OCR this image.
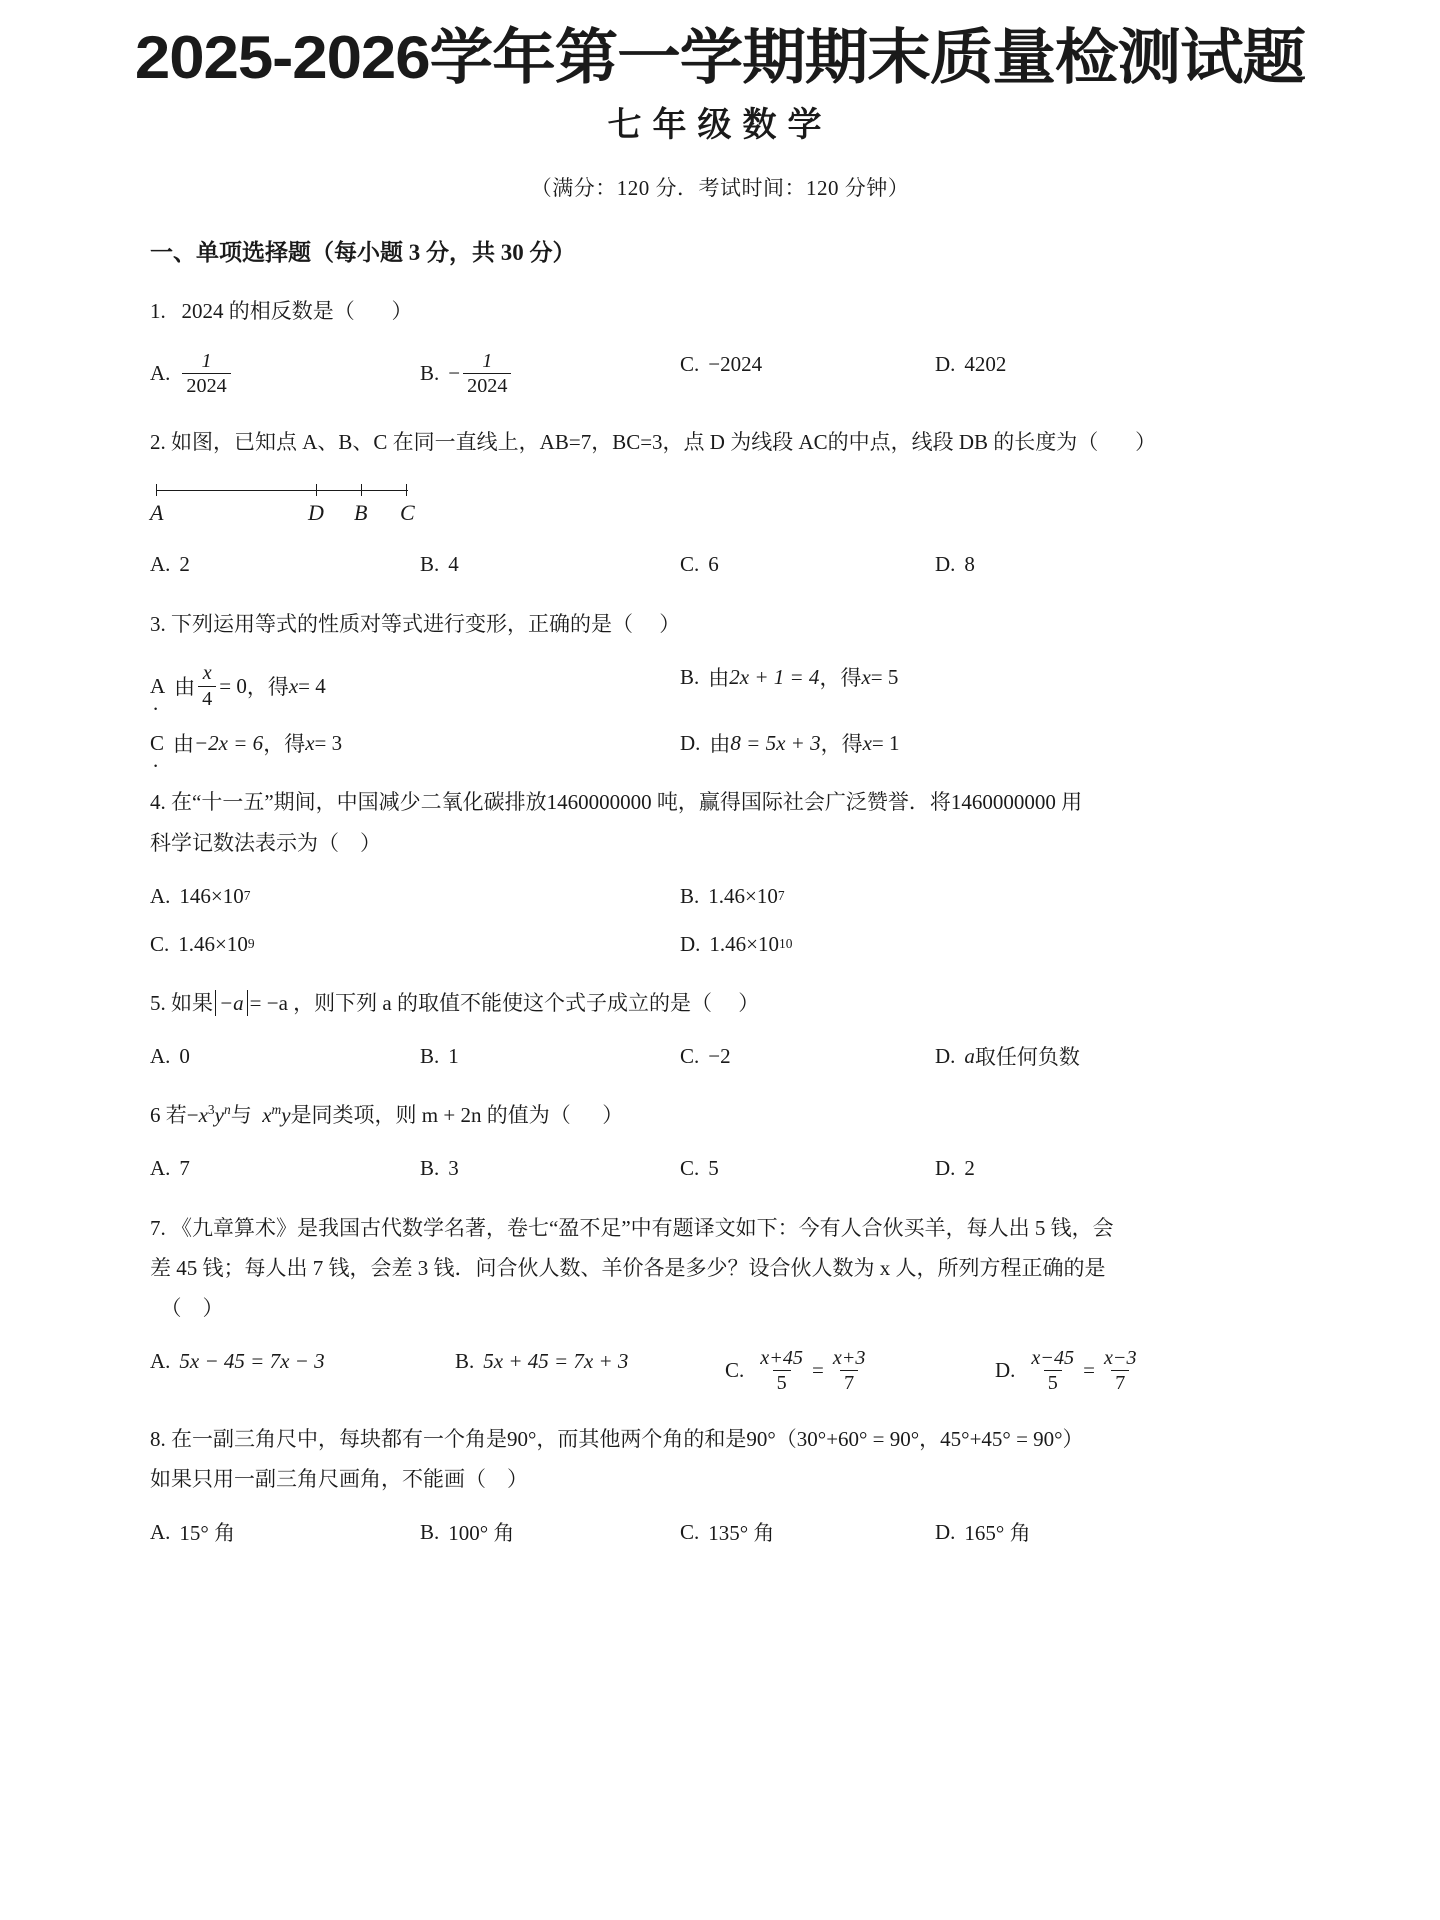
2025-2026学年第一学期期末质量检测试题
七年级数学
（满分：120 分．考试时间：120 分钟）
一、单项选择题（每小题 3 分，共 30 分）
1. 2024 的相反数是（ ）
A. $\frac{1}{2024}$	B. − $\frac{1}{2024}$	C. −2024	D. 4202
2. 如图，已知点 A、B、C 在同一直线上，AB=7，BC=3，点 D 为线段 AC的中点，线段 DB 的长度为（ ）
A	D B C
A. 2	B. 4	C. 6	D. 8
3. 下列运用等式的性质对等式进行变形，正确的是（ ）
A . 由 $\frac{x}{4} = 0$ ， 得 x = 4	B. 由 2x + 1 = 4 ， 得 x = 5
C . 由 −2x = 6 ， 得 x = 3	D. 由 8 = 5x + 3 ， 得 x = 1
4. 在“十一五”期间，中国减少二氧化碳排放1460000000 吨，赢得国际社会广泛赞誉．将1460000000 用
科学记数法表示为（ ）
A. 146×10 7	B. 1.46×10 7
C. 1.46×10 9	D. 1.46×10 10
5. 如果 −a = −a ，则下列 a 的取值不能使这个式子成立的是（ ）
A. 0	B. 1	C. −2	D. a 取任何负数
6 若$-x^3y^n$与 $x^my$是同类项，则 m + 2n 的值为（ ）
A. 7	B. 3	C. 5	D. 2
7. 《九章算术》是我国古代数学名著，卷七“盈不足”中有题译文如下：今有人合伙买羊，每人出 5 钱，会
差 45 钱；每人出 7 钱，会差 3 钱．问合伙人数、羊价各是多少？设合伙人数为 x 人，所列方程正确的是
（ ）
A. 5x − 45 = 7x − 3	B. 5x + 45 = 7x + 3	C. $\frac{x+45}{5} = \frac{x+3}{7}$	D. $\frac{x-45}{5} = \frac{x-3}{7}$
8. 在一副三角尺中，每块都有一个角是90°，而其他两个角的和是90°（30°+60° = 90°，45°+45° = 90°）
如果只用一副三角尺画角，不能画（ ）
A. 15° 角	B. 100° 角	C. 135° 角	D. 165° 角
